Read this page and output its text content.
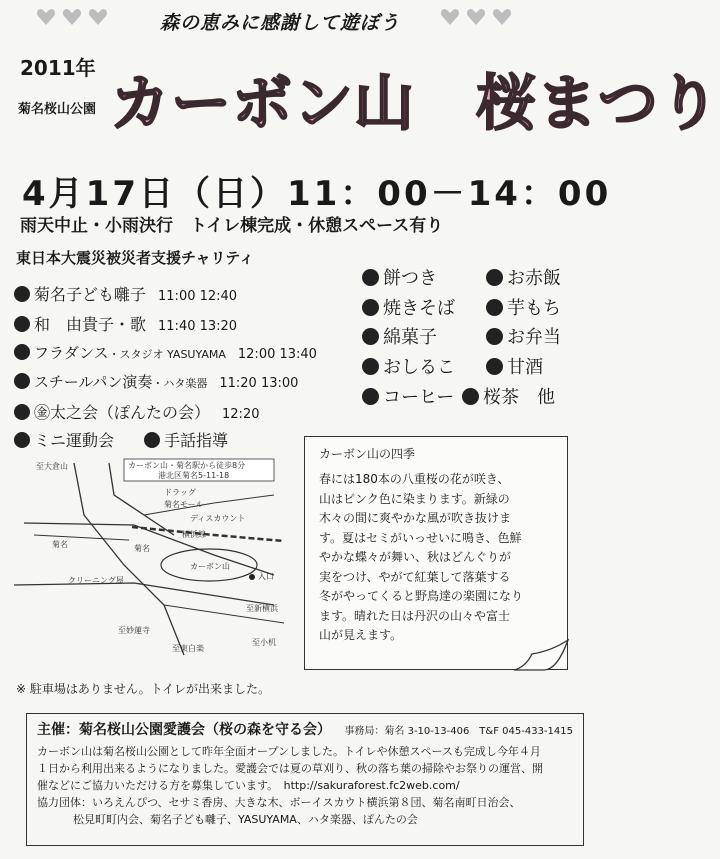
森の恵みに感謝して遊ぼう
2011年
菊名桜山公園 カーボン山　桜まつり
4月17日（日）11：00－14：00
雨天中止・小雨決行　トイレ棟完成・休憩スペース有り
東日本大震災被災者支援チャリティ
菊名子ども囃子 11:00 12:40
和　由貴子・歌 11:40 13:20
フラダンス ・スタジオ YASUYAMA 12:00 13:40
スチールパン演奏 ・ハタ楽器 11:20 13:00
㊎太之会（ぽんたの会） 12:20
ミニ運動会	手話指導
餅つき	お赤飯
焼きそば	芋もち
綿菓子	お弁当
おしるこ	甘酒
コーヒー 桜茶　他
至大倉山	カーボン山・菊名駅から徒歩8分
港北区菊名5-11-18
菊名
ドラッグ
菊名モール
ディスカウント
横浜線
菊名
クリーニング屋
カーボン山
入口
至妙蓮寺
至東白楽
至新横浜
至小机
カーボン山の四季
春には180本の八重桜の花が咲き、
山はピンク色に染まります。新緑の
木々の間に爽やかな風が吹き抜けま
す。夏はセミがいっせいに鳴き、色鮮
やかな蝶々が舞い、秋はどんぐりが
実をつけ、やがて紅葉して落葉する
冬がやってくると野鳥達の楽園になり
ます。晴れた日は丹沢の山々や富士
山が見えます。
※ 駐車場はありません。トイレが出来ました。
主催：菊名桜山公園愛護会（桜の森を守る会） 事務局：菊名 3-10-13-406　T&F 045-433-1415
カーボン山は菊名桜山公園として昨年全面オープンしました。トイレや休憩スペースも完成し今年４月
１日から利用出来るようになりました。愛護会では夏の草刈り、秋の落ち葉の掃除やお祭りの運営、開
催などにご協力いただける方を募集しています。　http://sakuraforest.fc2web.com/
協力団体：いろえんぴつ、セサミ香房、大きな木、ボーイスカウト横浜第８団、菊名南町日治会、
松見町町内会、菊名子ども囃子、YASUYAMA、ハタ楽器、ぽんたの会
